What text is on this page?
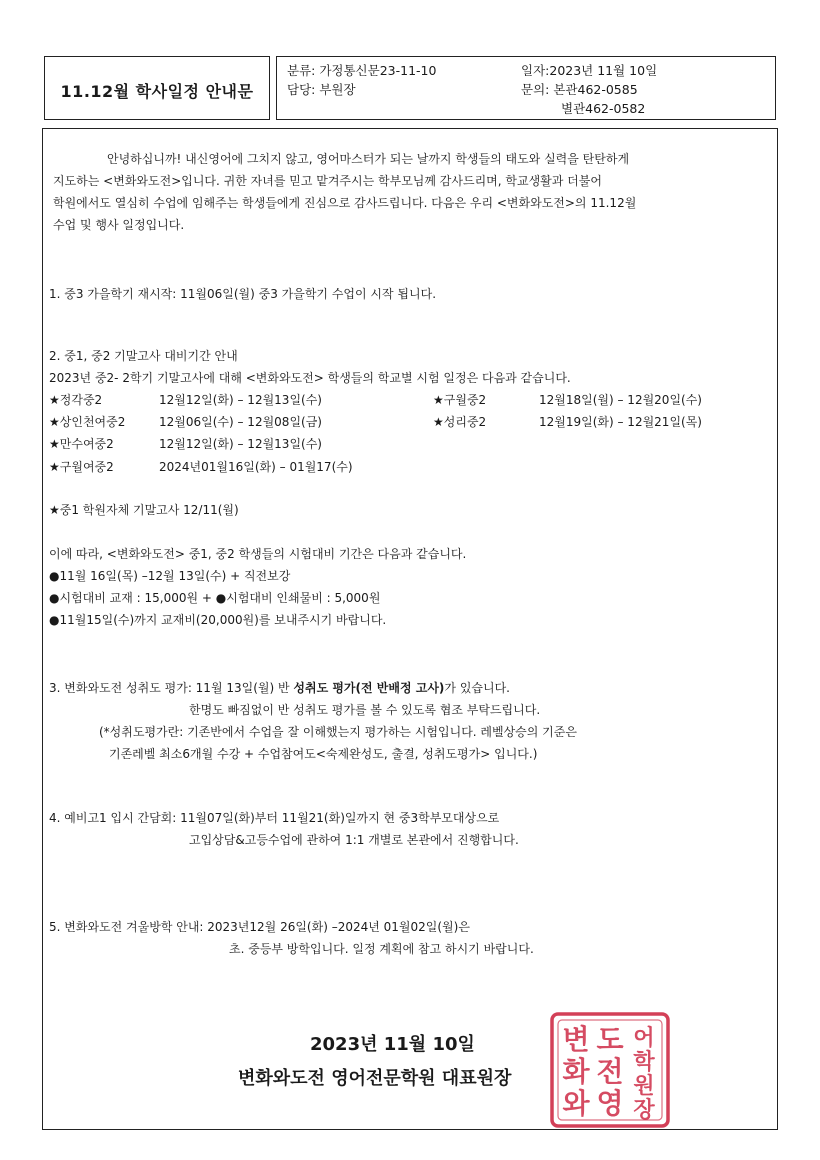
11.12월 학사일정 안내문
분류: 가정통신문23-11-10	일자:2023년 11월 10일
담당: 부원장	문의: 본관462-0585
별관462-0582
안녕하십니까! 내신영어에 그치지 않고, 영어마스터가 되는 날까지 학생들의 태도와 실력을 탄탄하게
지도하는 <변화와도전>입니다. 귀한 자녀를 믿고 맡겨주시는 학부모님께 감사드리며, 학교생활과 더불어
학원에서도 열심히 수업에 임해주는 학생들에게 진심으로 감사드립니다. 다음은 우리 <변화와도전>의 11.12월
수업 및 행사 일정입니다.
1. 중3 가을학기 재시작: 11월06일(월) 중3 가을학기 수업이 시작 됩니다.
2. 중1, 중2 기말고사 대비기간 안내
2023년 중2- 2학기 기말고사에 대해 <변화와도전> 학생들의 학교별 시험 일정은 다음과 같습니다.
★정각중2	12월12일(화) – 12월13일(수)	★구월중2	12월18일(월) – 12월20일(수)
★상인천여중2	12월06일(수) – 12월08일(금)	★성리중2	12월19일(화) – 12월21일(목)
★만수여중2	12월12일(화) – 12월13일(수)
★구월여중2	2024년01월16일(화) – 01월17(수)
★중1 학원자체 기말고사 12/11(월)
이에 따라, <변화와도전> 중1, 중2 학생들의 시험대비 기간은 다음과 같습니다.
●11월 16일(목) –12월 13일(수) + 직전보강
●시험대비 교재 : 15,000원 + ●시험대비 인쇄물비 : 5,000원
●11월15일(수)까지 교재비(20,000원)를 보내주시기 바랍니다.
3. 변화와도전 성취도 평가: 11월 13일(월) 반 성취도 평가(전 반배정 고사)가 있습니다.
한명도 빠짐없이 반 성취도 평가를 볼 수 있도록 협조 부탁드립니다.
(*성취도평가란: 기존반에서 수업을 잘 이해했는지 평가하는 시험입니다. 레벨상승의 기준은
기존레벨 최소6개월 수강 + 수업참여도<숙제완성도, 출결, 성취도평가> 입니다.)
4. 예비고1 입시 간담회: 11월07일(화)부터 11월21(화)일까지 현 중3학부모대상으로
고입상담&고등수업에 관하여 1:1 개별로 본관에서 진행합니다.
5. 변화와도전 겨울방학 안내: 2023년12월 26일(화) –2024년 01월02일(월)은
초. 중등부 방학입니다. 일정 계획에 참고 하시기 바랍니다.
2023년 11월 10일
변화와도전 영어전문학원 대표원장
변
화
와
도
전
영
어
학
원
장
